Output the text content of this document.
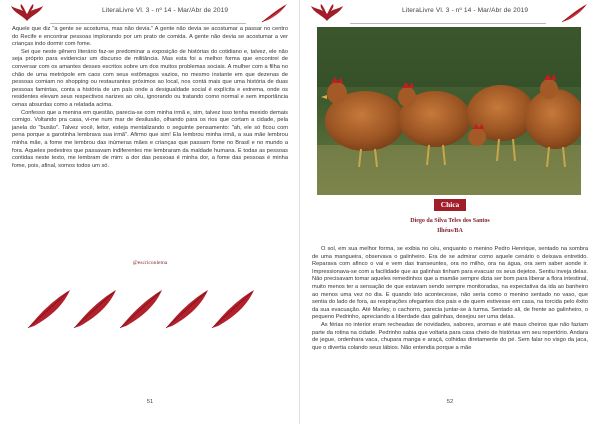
LiteraLivre Vl. 3 - nº 14 - Mar/Abr de 2019

Aquele que diz "a gente se acostuma, mas não devia." A gente não devia se acostumar a passar no centro do Recife e encontrar pessoas implorando por um prato de comida. A gente não devia se acostumar a ver crianças indo dormir com fome.

Sei que neste gênero literário faz-se predominar a exposição de histórias do cotidiano e, talvez, ele não seja próprio para evidenciar um discurso de militância. Mas esta foi a melhor forma que encontrei de conversar com os amantes desses escritos sobre um dos muitos problemas sociais. A mulher com a filha no chão de uma metrópole em caos com seus estômagos vazios, no mesmo instante em que dezenas de pessoas comiam no shopping ou restaurantes próximos ao local, nos contá mais que uma história de duas pessoas famintas, conta a história de um país onde a desigualdade social é explícita e extrema, onde os residentes elevam seus respectivos narizes ao céu, ignorando ou tratando como normal e sem importância cenas absurdas como a relatada acima.

Confesso que a menina em questão, parecia-se com minha irmã e, sim, talvez isso tenha mexido demais comigo. Voltando pra casa, vi-me num mar de desilusão, olhando para os rios que cortam a cidade, pela janela do "busão". Talvez você, leitor, esteja mentalizando o seguinte pensamento: "ah, ele só ficou com pena porque a garotinha lembrava sua irmã". Afirmo que sim! Ela lembrou minha irmã, a sua mãe lembrou minha mãe, a fome me lembrou das inúmeras mães e crianças que passam fome no Brasil e no mundo a fora. Aqueles pedestres que passavam indiferentes me lembraram da maldade humana. E todas as pessoas contidas neste texto, me lembram de mim: a dor das pessoas é minha dor, a fome das pessoas é minha fome, pois, afinal, somos todos um só.

@escriconlema
51
LiteraLivre Vl. 3 - nº 14 - Mar/Abr de 2019
Chica
Diego da Silva Teles dos Santos
Ilhéus/BA

O sol, em sua melhor forma, se exibia no céu, enquanto o menino Pedro Henrique, sentado na sombra de uma mangueira, observava o galinheiro. Era de se admirar como aquele cenário o deixava entretido. Reparava com afinco o vai e vem das transeuntes, ora no milho, ora na água, ora sem saber aonde ir. Impressionava-se com a facilidade que as galinhas tinham para evacuar os seus dejetos. Sentiu inveja delas. Não precisavam tomar aqueles remedinhos que a mamãe sempre dizia ser bom para liberar a flora intestinal, muito menos ter a sensação de que estavam sendo sempre monitoradas, na expectativa da ida ao banheiro ao menos uma vez no dia. E quando isto acontecesse, não seria como o menino sentado no vaso, que sentia do lado de fora, as respirações ofegantes dos pais e de quem estivesse em casa, na torcida pelo êxito da sua evacuação. Até Marley, o cachorro, parecia juntar-se à turma. Sentado ali, de frente ao galinheiro, o pequeno Pedrinho, apreciando a liberdade das galinhas, desejou ser uma delas.

As férias no interior eram recheadas de novidades, sabores, aromas e até maus cheiros que não faziam parte da rotina na cidade. Pedrinho sabia que voltaria para casa cheio de histórias em seu repertório. Andara de jegue, ordenhara vaca, chupara manga e araçá, colhidas diretamente do pé. Sem falar no visgo da jaca, que o divertia colando seus lábios. Não entendia porque a mãe

52
